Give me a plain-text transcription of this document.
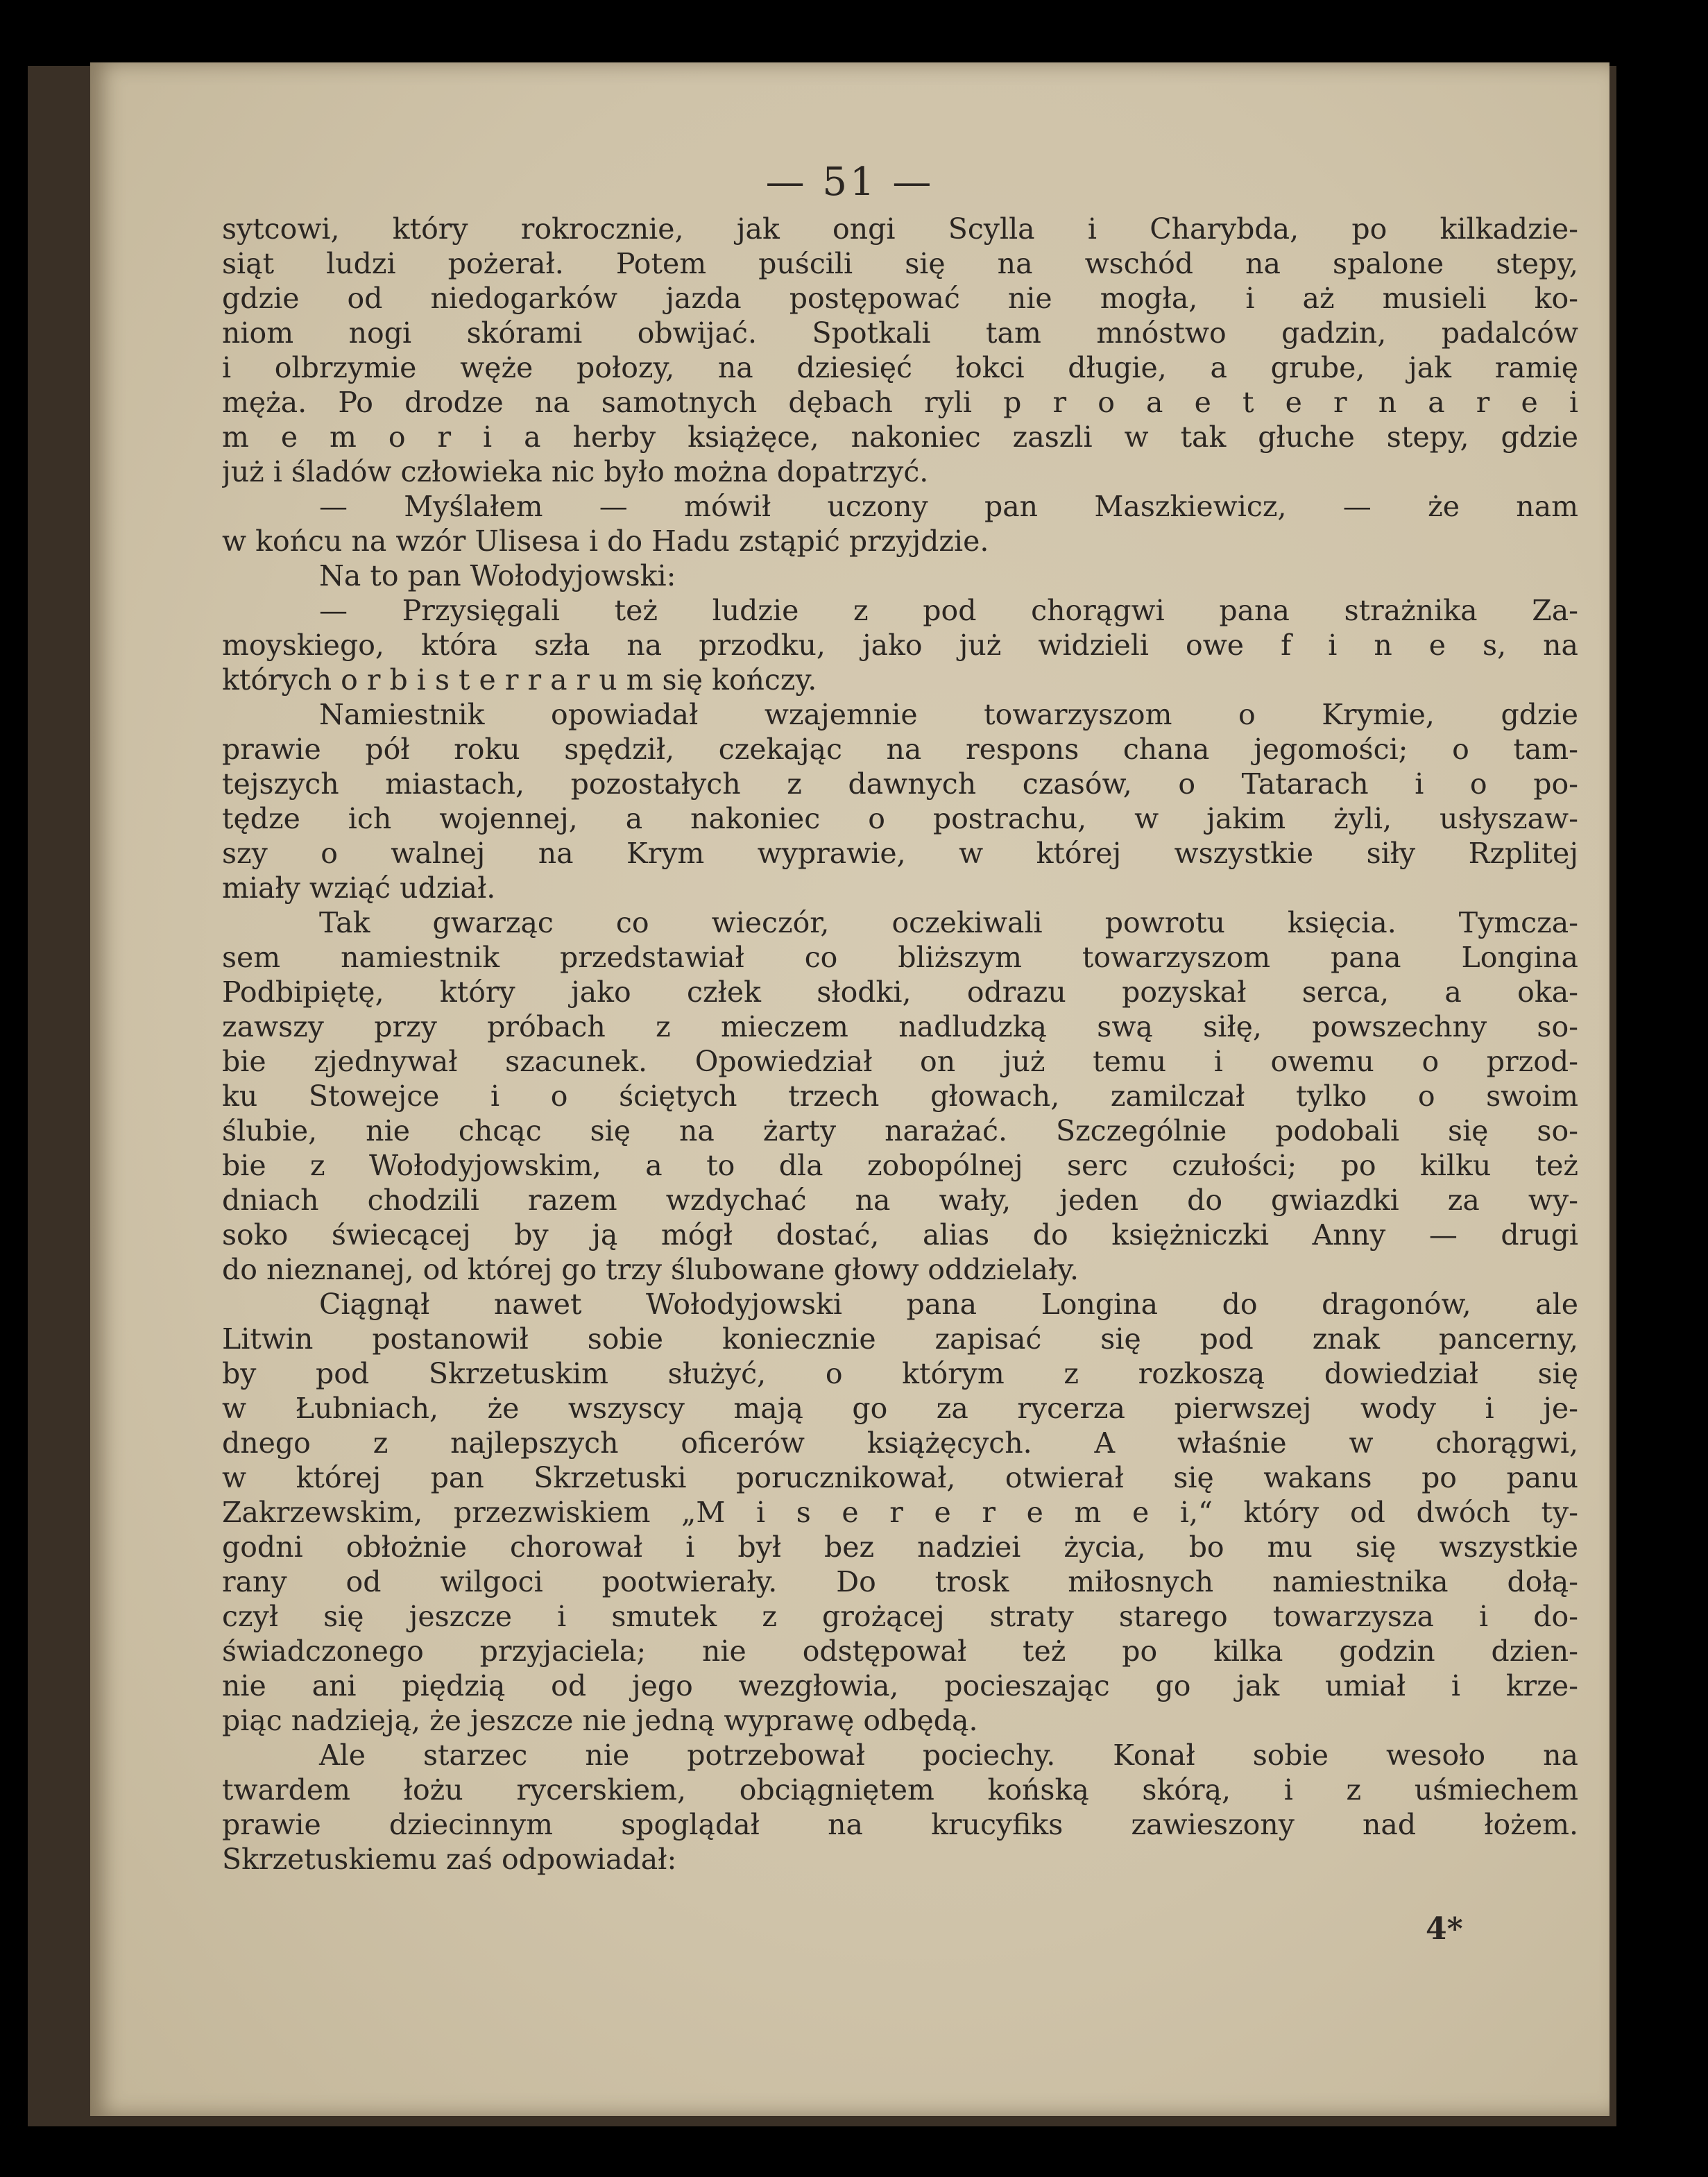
— 51 —
sytcowi, który rokrocznie, jak ongi Scylla i Charybda, po kilkadzie-
siąt ludzi pożerał. Potem puścili się na wschód na spalone stepy,
gdzie od niedogarków jazda postępować nie mogła, i aż musieli ko-
niom nogi skórami obwijać. Spotkali tam mnóstwo gadzin, padalców
i olbrzymie węże połozy, na dziesięć łokci długie, a grube, jak ramię
męża. Po drodze na samotnych dębach ryli p r o a e t e r n a r e i
m e m o r i a herby książęce, nakoniec zaszli w tak głuche stepy, gdzie
już i śladów człowieka nic było można dopatrzyć.
— Myślałem — mówił uczony pan Maszkiewicz, — że nam
w końcu na wzór Ulisesa i do Hadu zstąpić przyjdzie.
Na to pan Wołodyjowski:
— Przysięgali też ludzie z pod chorągwi pana strażnika Za-
moyskiego, która szła na przodku, jako już widzieli owe f i n e s, na
których o r b i s t e r r a r u m się kończy.
Namiestnik opowiadał wzajemnie towarzyszom o Krymie, gdzie
prawie pół roku spędził, czekając na respons chana jegomości; o tam-
tejszych miastach, pozostałych z dawnych czasów, o Tatarach i o po-
tędze ich wojennej, a nakoniec o postrachu, w jakim żyli, usłyszaw-
szy o walnej na Krym wyprawie, w której wszystkie siły Rzplitej
miały wziąć udział.
Tak gwarząc co wieczór, oczekiwali powrotu księcia. Tymcza-
sem namiestnik przedstawiał co bliższym towarzyszom pana Longina
Podbipiętę, który jako człek słodki, odrazu pozyskał serca, a oka-
zawszy przy próbach z mieczem nadludzką swą siłę, powszechny so-
bie zjednywał szacunek. Opowiedział on już temu i owemu o przod-
ku Stowejce i o ściętych trzech głowach, zamilczał tylko o swoim
ślubie, nie chcąc się na żarty narażać. Szczególnie podobali się so-
bie z Wołodyjowskim, a to dla zobopólnej serc czułości; po kilku też
dniach chodzili razem wzdychać na wały, jeden do gwiazdki za wy-
soko świecącej by ją mógł dostać, alias do księżniczki Anny — drugi
do nieznanej, od której go trzy ślubowane głowy oddzielały.
Ciągnął nawet Wołodyjowski pana Longina do dragonów, ale
Litwin postanowił sobie koniecznie zapisać się pod znak pancerny,
by pod Skrzetuskim służyć, o którym z rozkoszą dowiedział się
w Łubniach, że wszyscy mają go za rycerza pierwszej wody i je-
dnego z najlepszych oficerów książęcych. A właśnie w chorągwi,
w której pan Skrzetuski porucznikował, otwierał się wakans po panu
Zakrzewskim, przezwiskiem „M i s e r e r e m e i,“ który od dwóch ty-
godni obłożnie chorował i był bez nadziei życia, bo mu się wszystkie
rany od wilgoci pootwierały. Do trosk miłosnych namiestnika dołą-
czył się jeszcze i smutek z grożącej straty starego towarzysza i do-
świadczonego przyjaciela; nie odstępował też po kilka godzin dzien-
nie ani piędzią od jego wezgłowia, pocieszając go jak umiał i krze-
piąc nadzieją, że jeszcze nie jedną wyprawę odbędą.
Ale starzec nie potrzebował pociechy. Konał sobie wesoło na
twardem łożu rycerskiem, obciągniętem końską skórą, i z uśmiechem
prawie dziecinnym spoglądał na krucyfiks zawieszony nad łożem.
Skrzetuskiemu zaś odpowiadał:
4*
